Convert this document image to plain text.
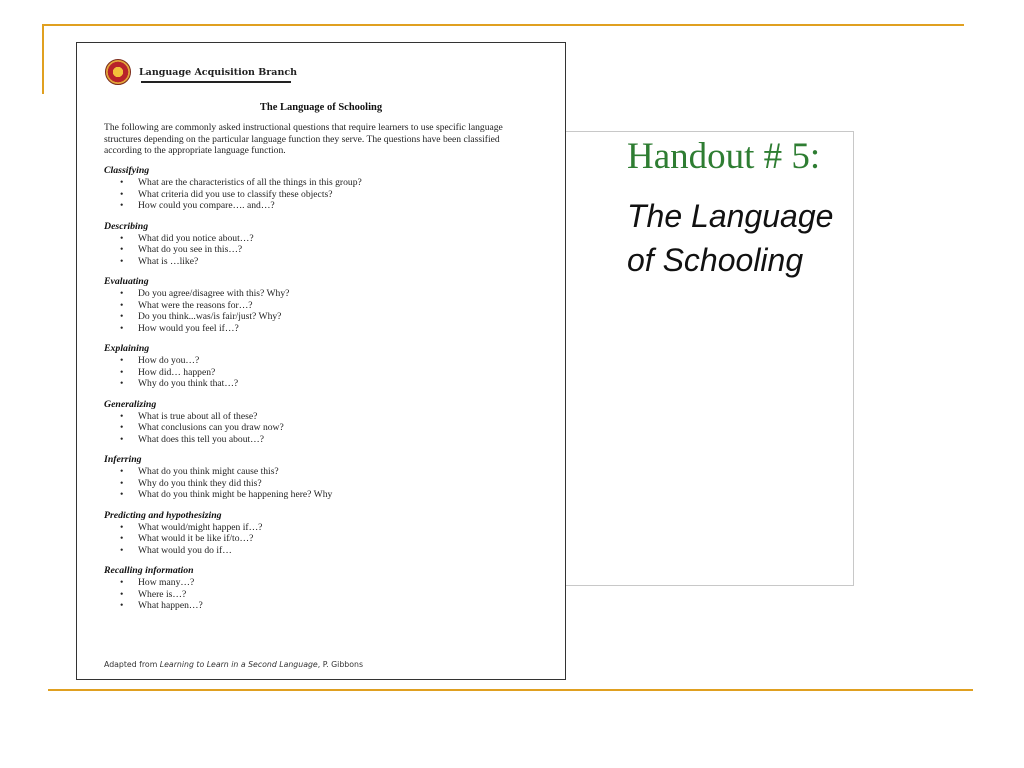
Language Acquisition Branch
The Language of Schooling
The following are commonly asked instructional questions that require learners to use specific language structures depending on the particular language function they serve. The questions have been classified according to the appropriate language function.
Classifying
• What are the characteristics of all the things in this group?
• What criteria did you use to classify these objects?
• How could you compare…. and…?
Describing
• What did you notice about…?
• What do you see in this…?
• What is …like?
Evaluating
• Do you agree/disagree with this? Why?
• What were the reasons for…?
• Do you think...was/is fair/just? Why?
• How would you feel if…?
Explaining
• How do you…?
• How did… happen?
• Why do you think that…?
Generalizing
• What is true about all of these?
• What conclusions can you draw now?
• What does this tell you about…?
Inferring
• What do you think might cause this?
• Why do you think they did this?
• What do you think might be happening here? Why
Predicting and hypothesizing
• What would/might happen if…?
• What would it be like if/to…?
• What would you do if…
Recalling information
• How many…?
• Where is…?
• What happen…?
Adapted from Learning to Learn in a Second Language, P. Gibbons
Handout # 5:
The Language
of Schooling
